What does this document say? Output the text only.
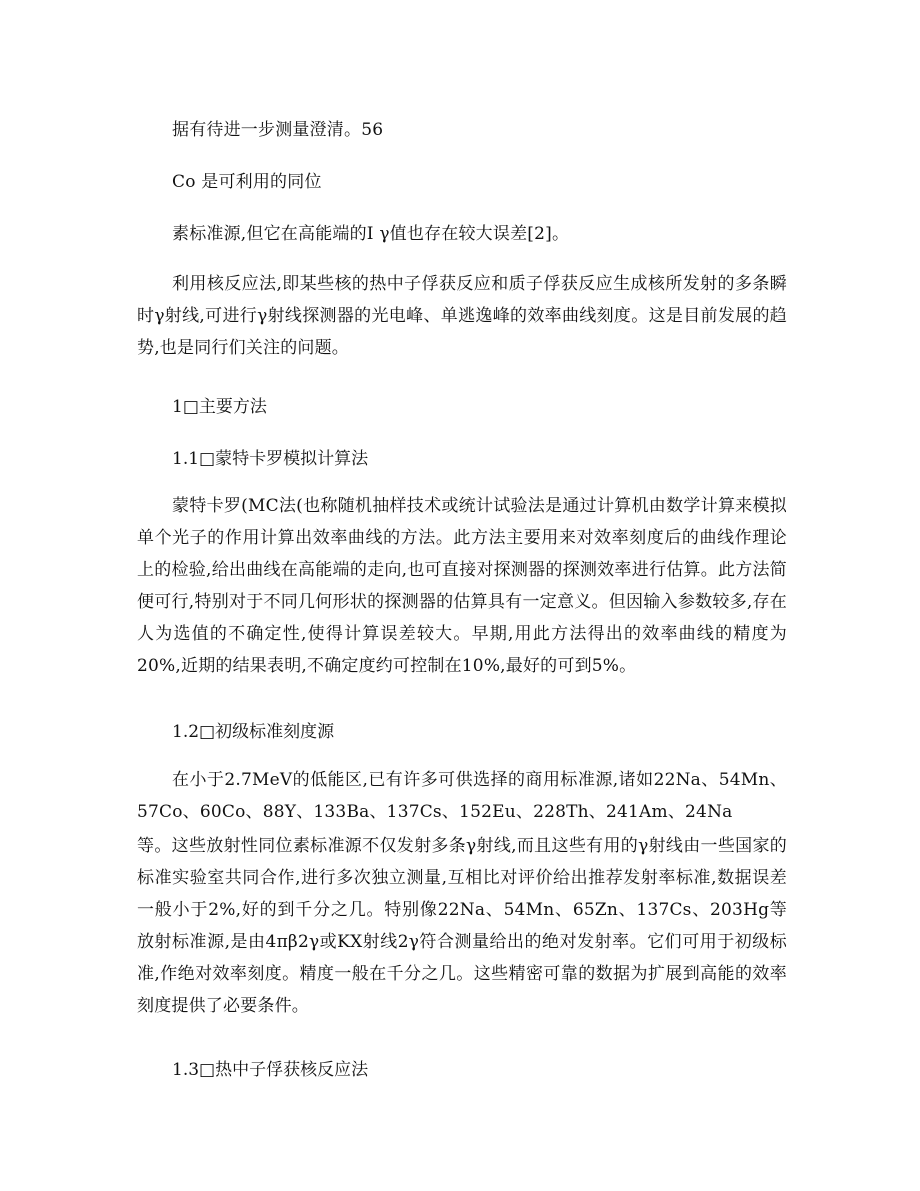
据有待进一步测量澄清。56
Co 是可利用的同位
素标准源,但它在高能端的I γ值也存在较大误差[2]。
利用核反应法,即某些核的热中子俘获反应和质子俘获反应生成核所发射的多条瞬时γ射线,可进行γ射线探测器的光电峰、单逃逸峰的效率曲线刻度。这是目前发展的趋势,也是同行们关注的问题。
1□主要方法
1.1□蒙特卡罗模拟计算法
蒙特卡罗(MC法(也称随机抽样技术或统计试验法是通过计算机由数学计算来模拟单个光子的作用计算出效率曲线的方法。此方法主要用来对效率刻度后的曲线作理论上的检验,给出曲线在高能端的走向,也可直接对探测器的探测效率进行估算。此方法简便可行,特别对于不同几何形状的探测器的估算具有一定意义。但因输入参数较多,存在人为选值的不确定性,使得计算误差较大。早期,用此方法得出的效率曲线的精度为20%,近期的结果表明,不确定度约可控制在10%,最好的可到5%。
1.2□初级标准刻度源
在小于2.7MeV的低能区,已有许多可供选择的商用标准源,诸如22Na、54Mn、57Co、60Co、88Y、133Ba、137Cs、152Eu、228Th、241Am、24Na
等。这些放射性同位素标准源不仅发射多条γ射线,而且这些有用的γ射线由一些国家的标准实验室共同合作,进行多次独立测量,互相比对评价给出推荐发射率标准,数据误差一般小于2%,好的到千分之几。特别像22Na、54Mn、65Zn、137Cs、203Hg等放射标准源,是由4πβ2γ或KX射线2γ符合测量给出的绝对发射率。它们可用于初级标准,作绝对效率刻度。精度一般在千分之几。这些精密可靠的数据为扩展到高能的效率刻度提供了必要条件。
1.3□热中子俘获核反应法
